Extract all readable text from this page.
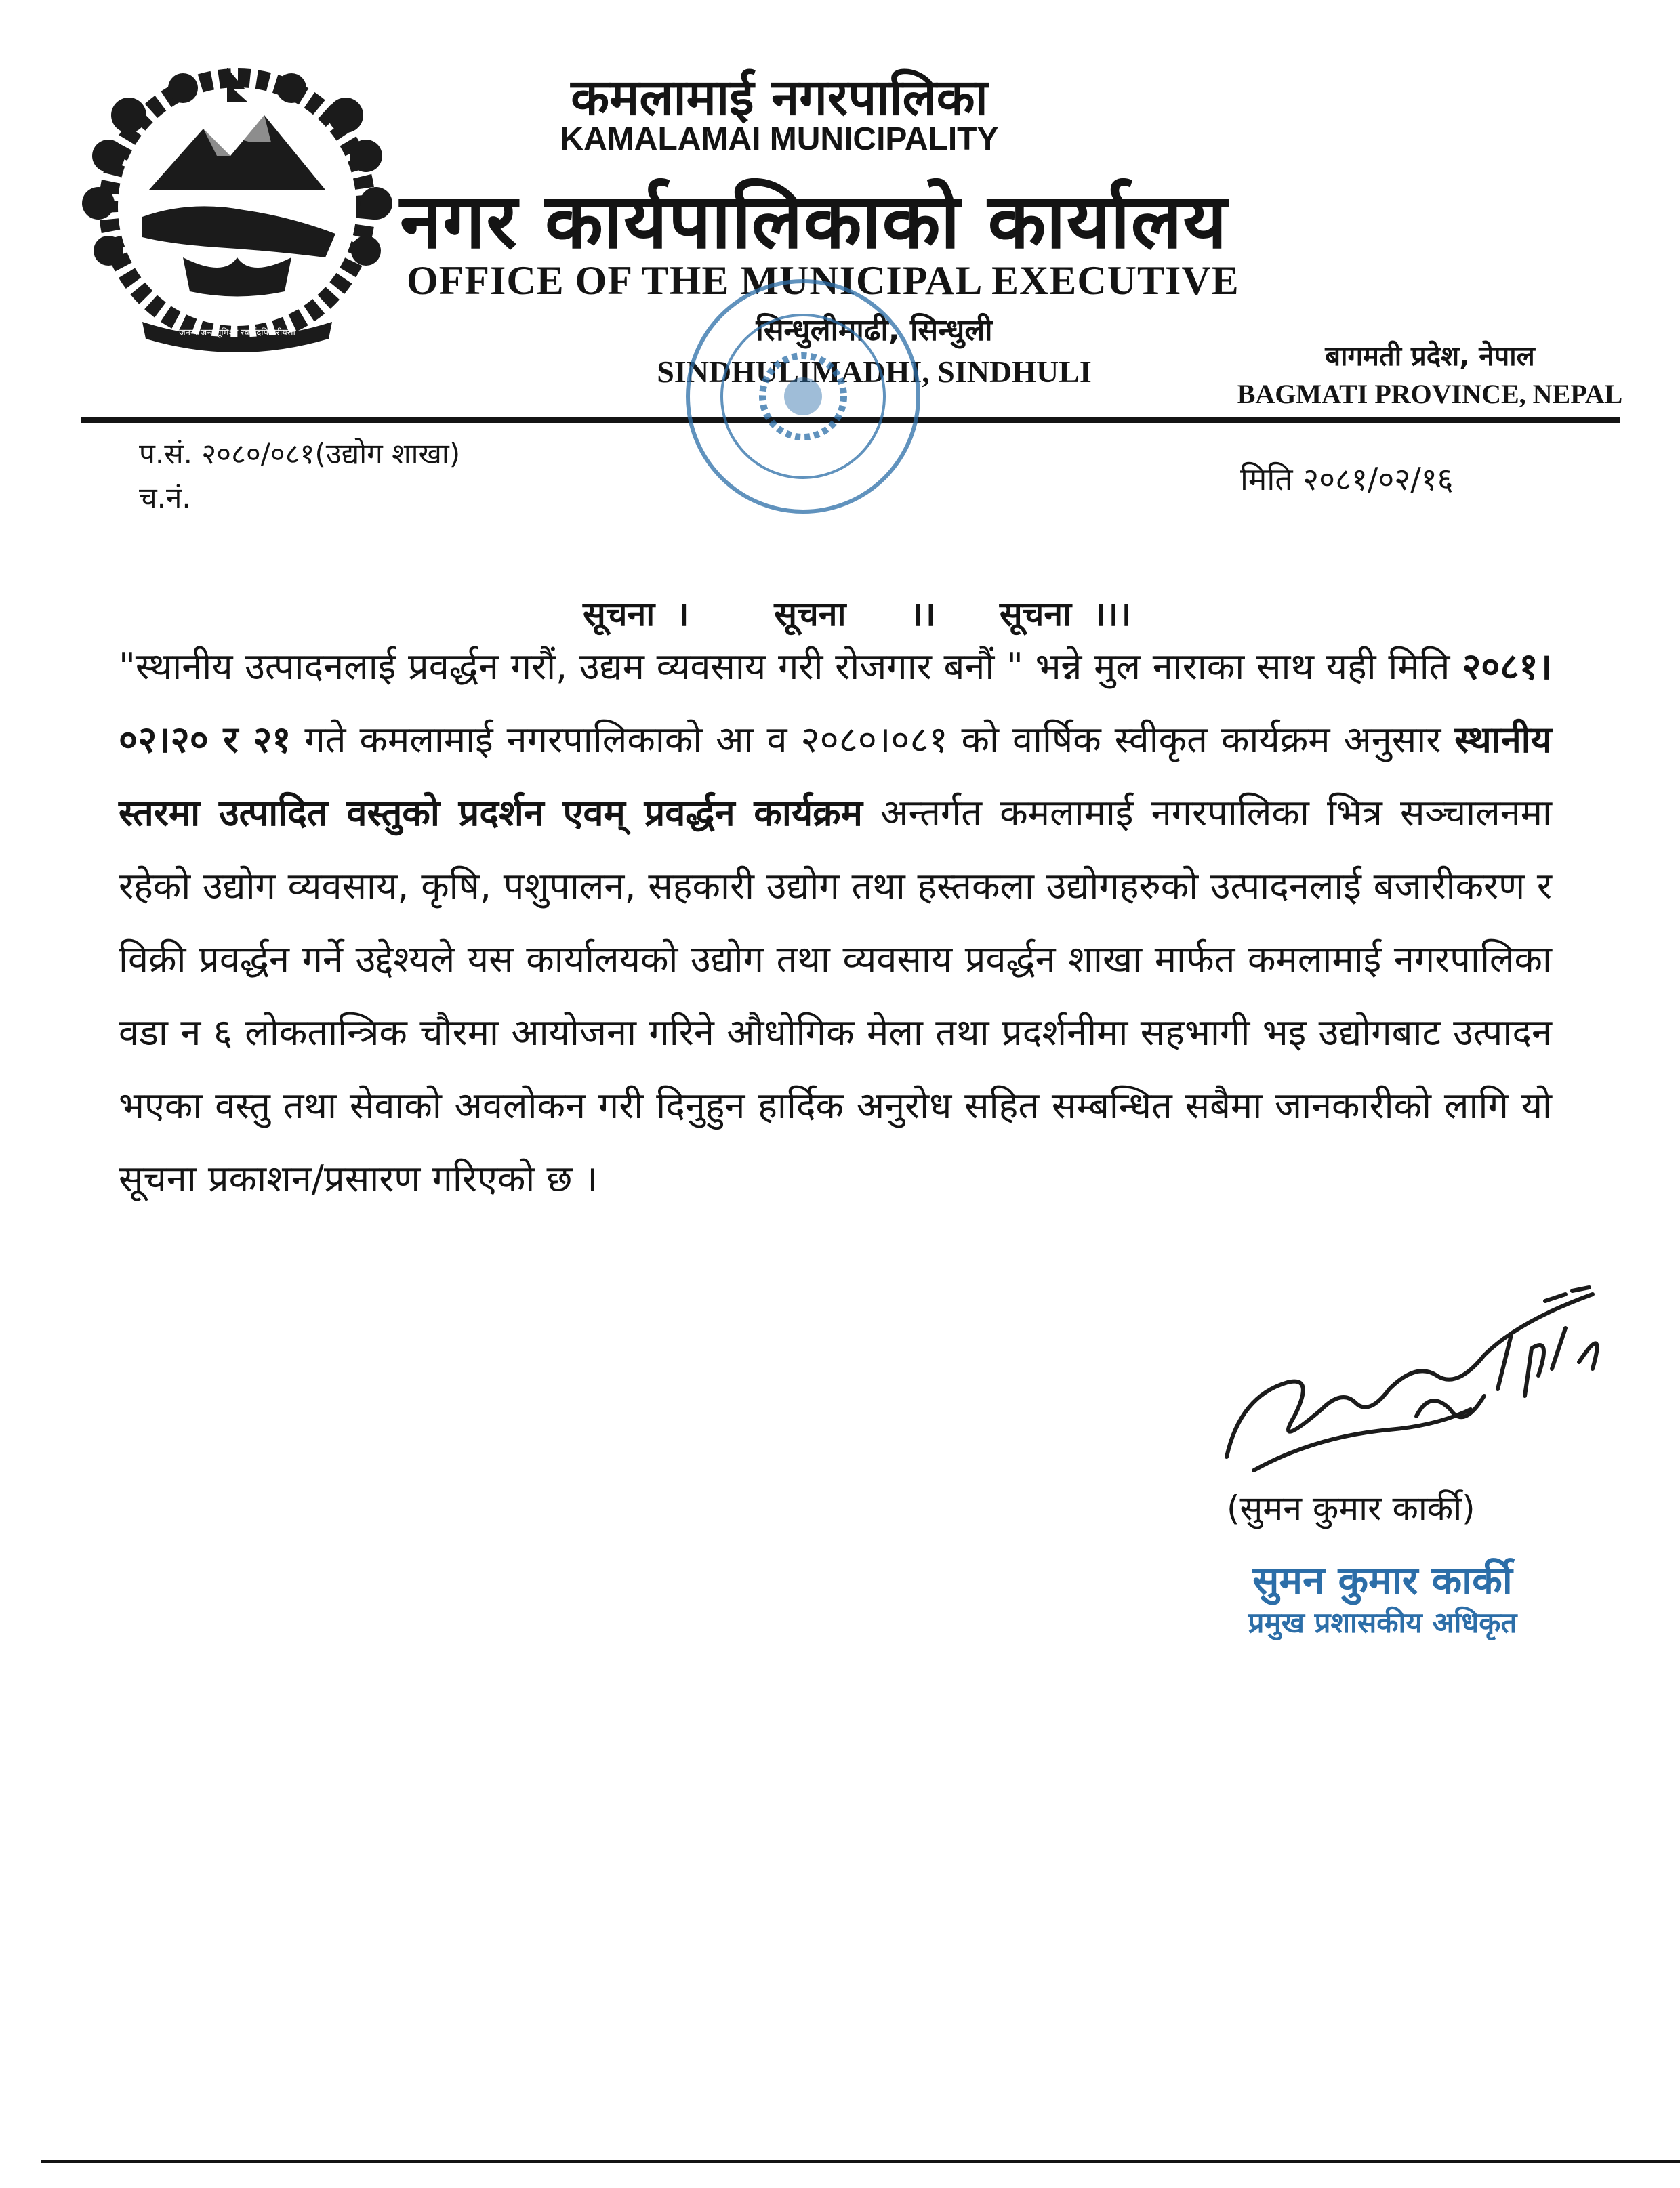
जननी जन्मभूमिश्च स्वर्गादपि गरीयसी
कमलामाई नगरपालिका
KAMALAMAI MUNICIPALITY
नगर कार्यपालिकाको कार्यालय
OFFICE OF THE MUNICIPAL EXECUTIVE
सिन्धुलीमाढी, सिन्धुली
SINDHULIMADHI, SINDHULI	बागमती प्रदेश, नेपाल
BAGMATI PROVINCE, NEPAL
प.सं. २०८०/०८१(उद्योग शाखा)
च.नं.
मिति २०८१/०२/१६
सूचना ।    सूचना   ।।   सूचना ।।।
"स्थानीय उत्पादनलाई प्रवर्द्धन गरौं, उद्यम व्यवसाय गरी रोजगार बनौं " भन्ने मुल नाराका साथ यही मिति २०८१।०२।२० र २१ गते कमलामाई नगरपालिकाको आ व २०८०।०८१ को वार्षिक स्वीकृत कार्यक्रम अनुसार स्थानीय स्तरमा उत्पादित वस्तुको प्रदर्शन एवम् प्रवर्द्धन कार्यक्रम अन्तर्गत कमलामाई नगरपालिका भित्र सञ्चालनमा रहेको उद्योग व्यवसाय, कृषि, पशुपालन, सहकारी उद्योग तथा हस्तकला उद्योगहरुको उत्पादनलाई बजारीकरण र विक्री प्रवर्द्धन गर्ने उद्देश्यले यस कार्यालयको उद्योग तथा व्यवसाय प्रवर्द्धन शाखा मार्फत कमलामाई नगरपालिका वडा न ६ लोकतान्त्रिक चौरमा आयोजना गरिने औधोगिक मेला तथा प्रदर्शनीमा सहभागी भइ उद्योगबाट उत्पादन भएका वस्तु तथा सेवाको अवलोकन गरी दिनुहुन हार्दिक अनुरोध सहित सम्बन्धित सबैमा जानकारीको लागि यो सूचना प्रकाशन/प्रसारण गरिएको छ ।
(सुमन कुमार कार्की)
सुमन कुमार कार्की
प्रमुख प्रशासकीय अधिकृत
